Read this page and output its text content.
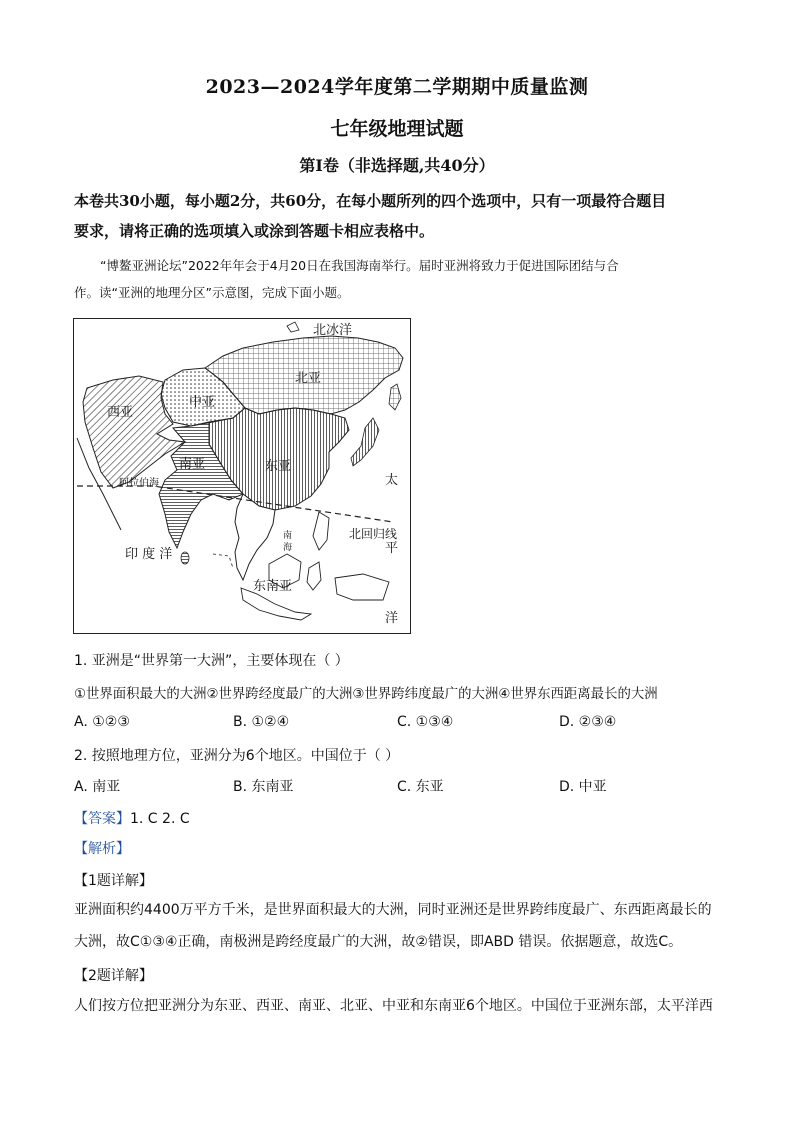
2023—2024学年度第二学期期中质量监测
七年级地理试题
第Ⅰ卷（非选择题,共40分）
本卷共30小题，每小题2分，共60分，在每小题所列的四个选项中，只有一项最符合题目
要求，请将正确的选项填入或涂到答题卡相应表格中。
“博鳌亚洲论坛”2022年年会于4月20日在我国海南举行。届时亚洲将致力于促进国际团结与合
作。读“亚洲的地理分区”示意图，完成下面小题。
北冰洋
北亚
中亚
西亚
东亚
南亚
阿拉伯海
印 度 洋
南
海
东南亚
北回归线
太
平
洋
1. 亚洲是“世界第一大洲”，主要体现在（ ）
①世界面积最大的大洲②世界跨经度最广的大洲③世界跨纬度最广的大洲④世界东西距离最长的大洲
A. ①②③	B. ①②④	C. ①③④	D. ②③④
2. 按照地理方位，亚洲分为6个地区。中国位于（ ）
A. 南亚	B. 东南亚	C. 东亚	D. 中亚
【答案】1. C 2. C
【解析】
【1题详解】
亚洲面积约4400万平方千米，是世界面积最大的大洲，同时亚洲还是世界跨纬度最广、东西距离最长的
大洲，故C①③④正确，南极洲是跨经度最广的大洲，故②错误，即ABD 错误。依据题意，故选C。
【2题详解】
人们按方位把亚洲分为东亚、西亚、南亚、北亚、中亚和东南亚6个地区。中国位于亚洲东部，太平洋西
